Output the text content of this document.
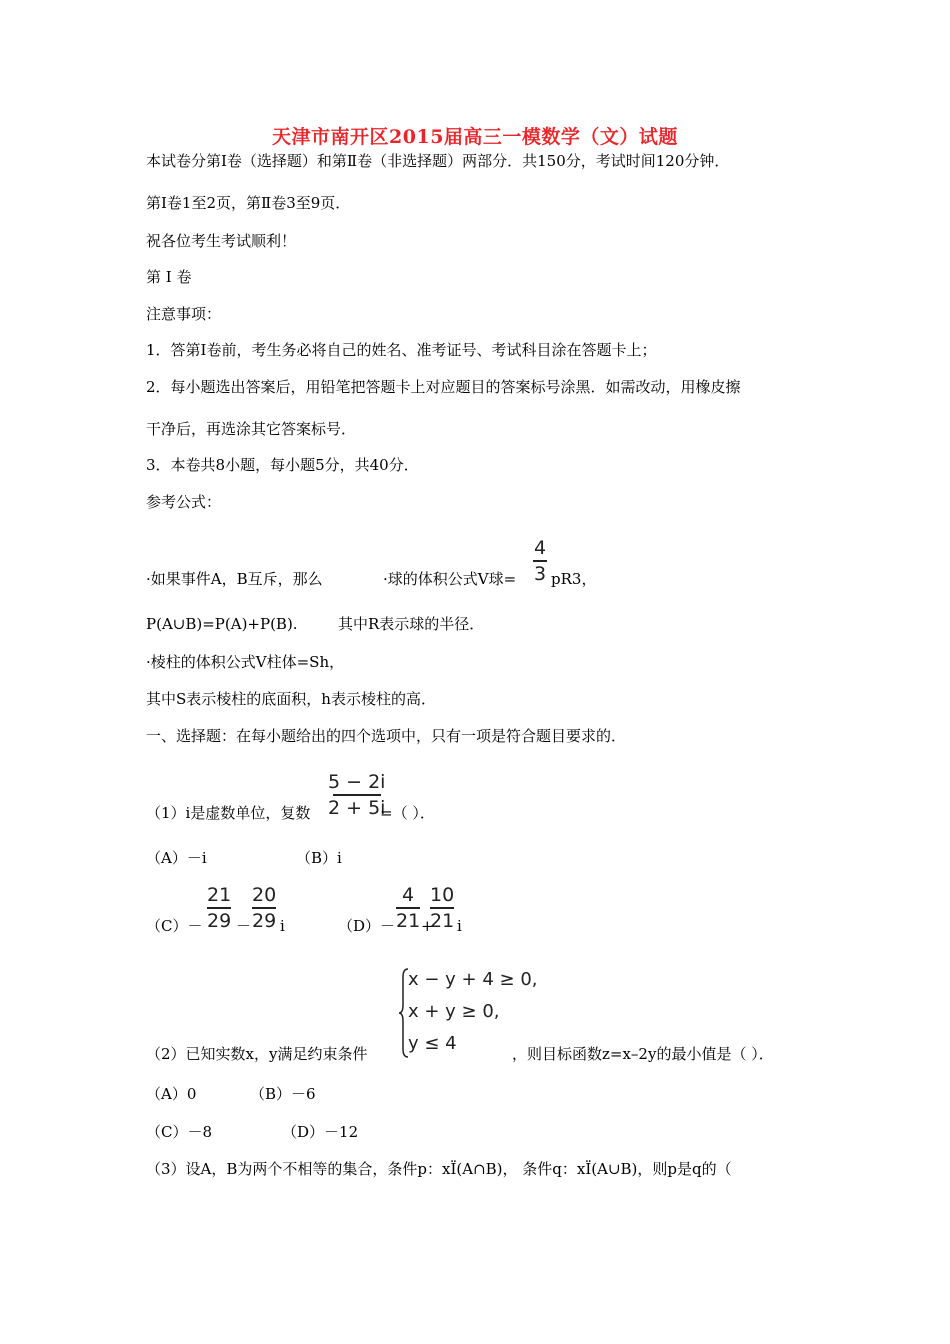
天津市南开区2015届高三一模数学（文）试题
本试卷分第Ⅰ卷（选择题）和第Ⅱ卷（非选择题）两部分．共150分，考试时间120分钟．
第Ⅰ卷1至2页，第Ⅱ卷3至9页．
祝各位考生考试顺利！
第 Ⅰ 卷
注意事项：
1．答第Ⅰ卷前，考生务必将自己的姓名、准考证号、考试科目涂在答题卡上；
2．每小题选出答案后，用铅笔把答题卡上对应题目的答案标号涂黑．如需改动，用橡皮擦
干净后，再选涂其它答案标号．
3．本卷共8小题，每小题5分，共40分．
参考公式：
·如果事件A，B互斥，那么	·球的体积公式V球=
4
3 pR3，
P(A∪B)=P(A)+P(B).	其中R表示球的半径．
·棱柱的体积公式V柱体=Sh，
其中S表示棱柱的底面积，h表示棱柱的高．
一、选择题：在每小题给出的四个选项中，只有一项是符合题目要求的．
（1）i是虚数单位，复数
5 − 2i
2 + 5i
=（ ）．
（A）－i	（B）i
（C）－
21
29 －
20
29 i	（D）－
4
21 +
10
21 i
（2）已知实数x，y满足约束条件
x − y + 4 ≥ 0,
x + y ≥ 0,
y ≤ 4	，则目标函数z=x–2y的最小值是（ ）．
（A）0	（B）－6
（C）－8	（D）－12
（3）设A，B为两个不相等的集合，条件p：xÏ(A∩B)， 条件q：xÏ(A∪B)，则p是q的（
